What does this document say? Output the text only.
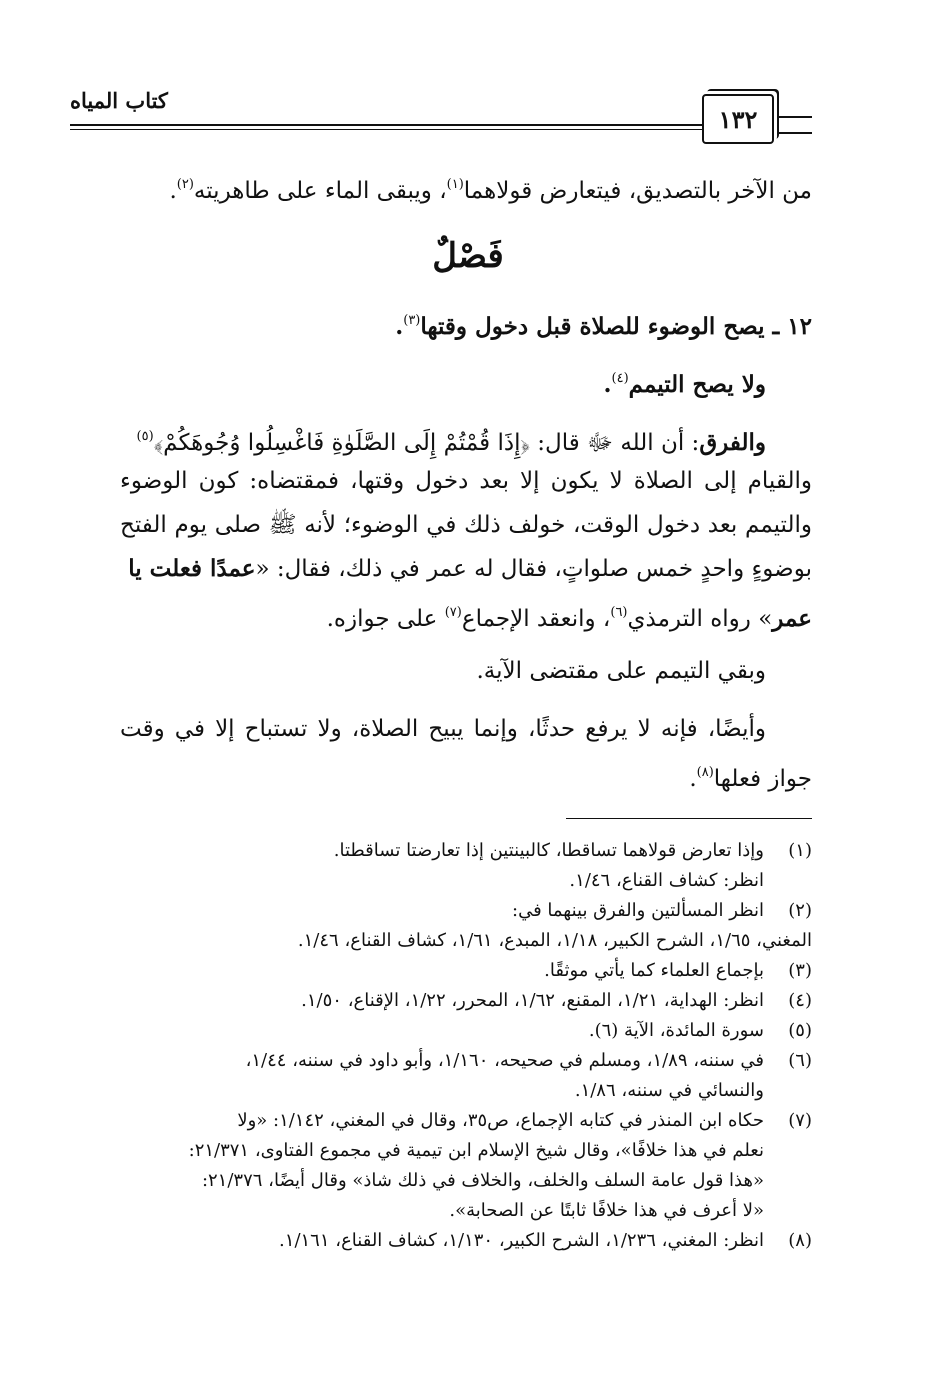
كتاب المياه
١٣٢
من الآخر بالتصديق، فيتعارض قولاهما$^{(١)}$، ويبقى الماء على طاهريته$^{(٢)}$.
فَصْلٌ
١٢ ـ يصح الوضوء للصلاة قبل دخول وقتها$^{(٣)}$.
ولا يصح التيمم$^{(٤)}$.
والفرق: أن الله ﷻ قال: ﴿إِذَا قُمْتُمْ إِلَى الصَّلَوٰةِ فَاغْسِلُوا وُجُوهَكُمْ﴾$^{(٥)}$
والقيام إلى الصلاة لا يكون إلا بعد دخول وقتها، فمقتضاه: كون الوضوء
والتيمم بعد دخول الوقت، خولف ذلك في الوضوء؛ لأنه ﷺ صلى يوم الفتح
بوضوءٍ واحدٍ خمس صلواتٍ، فقال له عمر في ذلك، فقال: «عمدًا فعلت يا
عمر» رواه الترمذي$^{(٦)}$، وانعقد الإجماع$^{(٧)}$ على جوازه.
وبقي التيمم على مقتضى الآية.
وأيضًا، فإنه لا يرفع حدثًا، وإنما يبيح الصلاة، ولا تستباح إلا في وقت
جواز فعلها$^{(٨)}$.
(١)
وإذا تعارض قولاهما تساقطا، كالبينتين إذا تعارضتا تساقطتا.
انظر: كشاف القناع، ١/٤٦.
(٢)
انظر المسألتين والفرق بينهما في:
المغني، ١/٦٥، الشرح الكبير، ١/١٨، المبدع، ١/٦١، كشاف القناع، ١/٤٦.
(٣)
بإجماع العلماء كما يأتي موثقًا.
(٤)
انظر: الهداية، ١/٢١، المقنع، ١/٦٢، المحرر، ١/٢٢، الإقناع، ١/٥٠.
(٥)
سورة المائدة، الآية (٦).
(٦)
في سننه، ١/٨٩، ومسلم في صحيحه، ١/١٦٠، وأبو داود في سننه، ١/٤٤،
والنسائي في سننه، ١/٨٦.
(٧)
حكاه ابن المنذر في كتابه الإجماع، ص٣٥، وقال في المغني، ١/١٤٢: «ولا
نعلم في هذا خلافًا»، وقال شيخ الإسلام ابن تيمية في مجموع الفتاوى، ٢١/٣٧١:
«هذا قول عامة السلف والخلف، والخلاف في ذلك شاذ» وقال أيضًا، ٢١/٣٧٦:
«لا أعرف في هذا خلافًا ثابتًا عن الصحابة».
(٨)
انظر: المغني، ١/٢٣٦، الشرح الكبير، ١/١٣٠، كشاف القناع، ١/١٦١.
